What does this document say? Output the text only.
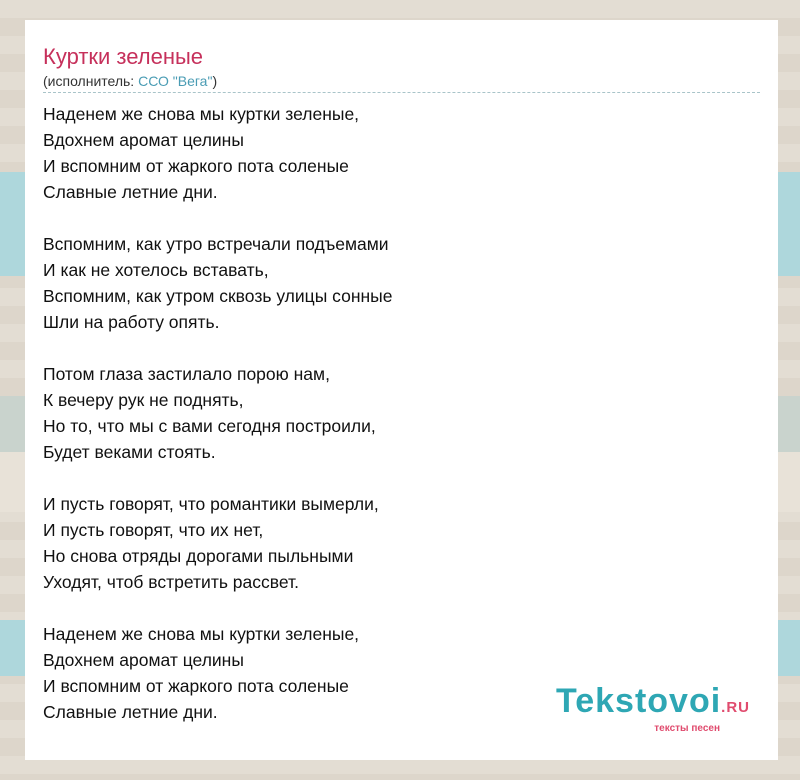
Куртки зеленые
(исполнитель: ССО "Вега")
Наденем же снова мы куртки зеленые,
Вдохнем аромат целины
И вспомним от жаркого пота соленые
Славные летние дни.
Вспомним, как утро встречали подъемами
И как не хотелось вставать,
Вспомним, как утром сквозь улицы сонные
Шли на работу опять.
Потом глаза застилало порою нам,
К вечеру рук не поднять,
Но то, что мы с вами сегодня построили,
Будет веками стоять.
И пусть говорят, что романтики вымерли,
И пусть говорят, что их нет,
Но снова отряды дорогами пыльными
Уходят, чтоб встретить рассвет.
Наденем же снова мы куртки зеленые,
Вдохнем аромат целины
И вспомним от жаркого пота соленые
Славные летние дни.	Tekstovoi.RU
тексты песен
